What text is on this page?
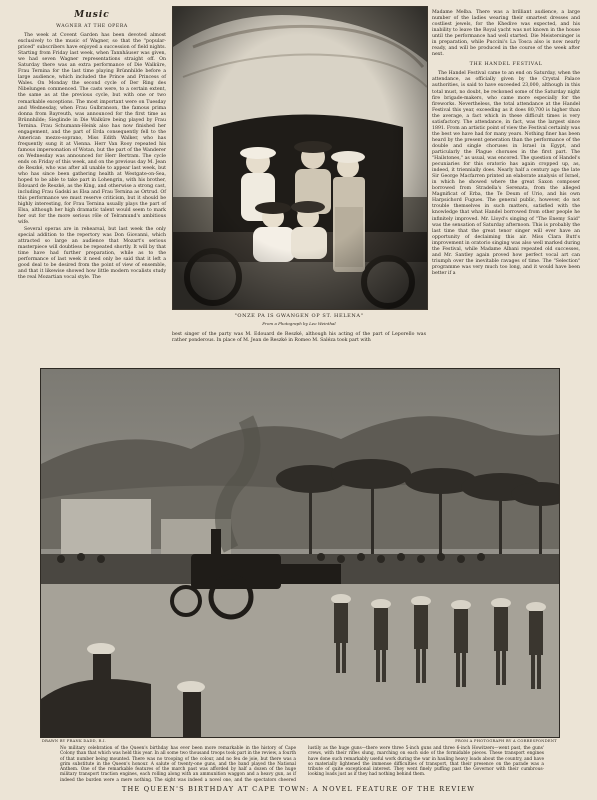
Music
WAGNER AT THE OPERA

The week at Covent Garden has been devoted almost exclusively to the music of Wagner, so that the "popular-priced" subscribers have enjoyed a succession of field nights. Starting from Friday last week, when Tannhäuser was given, we had seven Wagner representations straight off. On Saturday there was an extra performance of Die Walküre, Frau Ternina for the last time playing Brünnhilde before a large audience, which included the Prince and Princess of Wales. On Monday the second cycle of Der Ring des Nibelungen commenced. The casts were, to a certain extent, the same as at the previous cycle, but with one or two remarkable exceptions. The most important were on Tuesday and Wednesday, when Frau Gulbranson, the famous prima donna from Bayreuth, was announced for the first time as Brünnhilde; Sieglinde in Die Walküre being played by Frau Ternina. Frau Schumann-Heink also has now finished her engagement, and the part of Erda consequently fell to the American mezzo-soprano, Miss Edith Walker, who has frequently sung it at Vienna. Herr Van Rooy repeated his famous impersonation of Wotan, but the part of the Wanderer on Wednesday was announced for Herr Bertram. The cycle ends on Friday of this week, and on the previous day M. Jean de Reszké, who was after all unable to appear last week, but who has since been gathering health at Westgate-on-Sea, hoped to be able to take part in Lohengrin, with his brother, Edouard de Reszké, as the King, and otherwise a strong cast, including Frau Gadski as Elsa and Frau Ternina as Ortrud. Of this performance we must reserve criticism, but it should be highly interesting, for Frau Ternina usually plays the part of Elsa, although her high dramatic talent would seem to mark her out for the more serious rôle of Telramund's ambitious wife.

Several operas are in rehearsal, but last week the only special addition to the repertory was Don Giovanni, which attracted so large an audience that Mozart's serious masterpiece will doubtless be repeated shortly. It will by that time have had further preparation, while as to the performance of last week it need only be said that it left a good deal to be desired from the point of view of ensemble, and that it likewise showed how little modern vocalists study the real Mozartian vocal style. The

"ONZE PA IS GWANGEN OP ST. HELENA"
From a Photograph by Leo Weinthal

best singer of the party was M. Edouard de Reszké, although his acting of the part of Leporello was rather ponderous. In place of M. Jean de Reszké in Romeo M. Saléza took part with

Madame Melba. There was a brilliant audience, a large number of the ladies wearing their smartest dresses and costliest jewels, for the Khedive was expected, and his inability to leave the Royal yacht was not known in the house until the performance had well started. Die Meistersinger is in preparation, while Puccini's La Tosca also is now nearly ready, and will be produced in the course of the week after next.

THE HANDEL FESTIVAL

The Handel Festival came to an end on Saturday, when the attendance, as officially given by the Crystal Palace authorities, is said to have exceeded 23,000, although in this total must, no doubt, be reckoned some of the Saturday night fire brigade-makers, who came more especially for the fireworks. Nevertheless, the total attendance at the Handel Festival this year, exceeding as it does 80,700 is higher than the average, a fact which in these difficult times is very satisfactory. The attendance, in fact, was the largest since 1891. From an artistic point of view the Festival certainly was the best we have had for many years. Nothing finer has been heard by the present generation than the performance of the double and single choruses in Israel in Egypt, and particularly the Plague choruses in the first part. The "Hailstones," as usual, was encored. The question of Handel's pecuniaries for this oratorio has again cropped up, as, indeed, it triennially does. Nearly half a century ago the late Sir George Macfarren printed an elaborate analysis of Israel, in which he showed where the great Saxon composer borrowed from Stradella's Serenata, from the alleged Magnificat of Erba, the Te Deum of Urio, and his own Harpsichord Fugues. The general public, however, do not trouble themselves in such matters, satisfied with the knowledge that what Handel borrowed from other people he infinitely improved. Mr. Lloyd's singing of "The Enemy Said" was the sensation of Saturday afternoon. This is probably the last time that the great tenor singer will ever have an opportunity of declaiming this air. Miss Clara Butt's improvement in oratorio singing was also well marked during the Festival, while Madame Albani repeated old successes, and Mr. Santley again proved how perfect vocal art can triumph over the inevitable ravages of time. The "Selection" programme was very much too long, and it would have been better if a

DRAWN BY FRANK DADD, R.I.	FROM A PHOTOGRAPH BY A CORRESPONDENT
No military celebration of the Queen's birthday has ever been more remarkable in the history of Cape Colony than that which was held this year. In all some two thousand troops took part in the review, a fourth of that number being mounted. There was no trooping of the colour, and no feu de joie, but there was a grim substitute in the Queen's honour. A salute of twenty-one guns, and the band played the National Anthem. One of the remarkable features of the march past was afforded by half a dozen of the huge military transport traction engines, each rolling along with an ammunition waggon and a heavy gun, as if indeed the burden were a mere nothing. The sight was indeed a novel one, and the spectators cheered lustily as the huge guns—there were three 5-inch guns and three 6-inch Howitzers—went past, the guns' crews, with their rifles slung, marching on each side of the formidable pieces. These transport engines have done such remarkably useful work during the war in hauling heavy loads about the country, and have so materially lightened the immense difficulties of transport, that their presence on the parade was a tribute of quite exceptional interest. They went finely puffing past the Governor with their cumbrous-looking loads just as if they had nothing behind them.
THE QUEEN'S BIRTHDAY AT CAPE TOWN: A NOVEL FEATURE OF THE REVIEW
